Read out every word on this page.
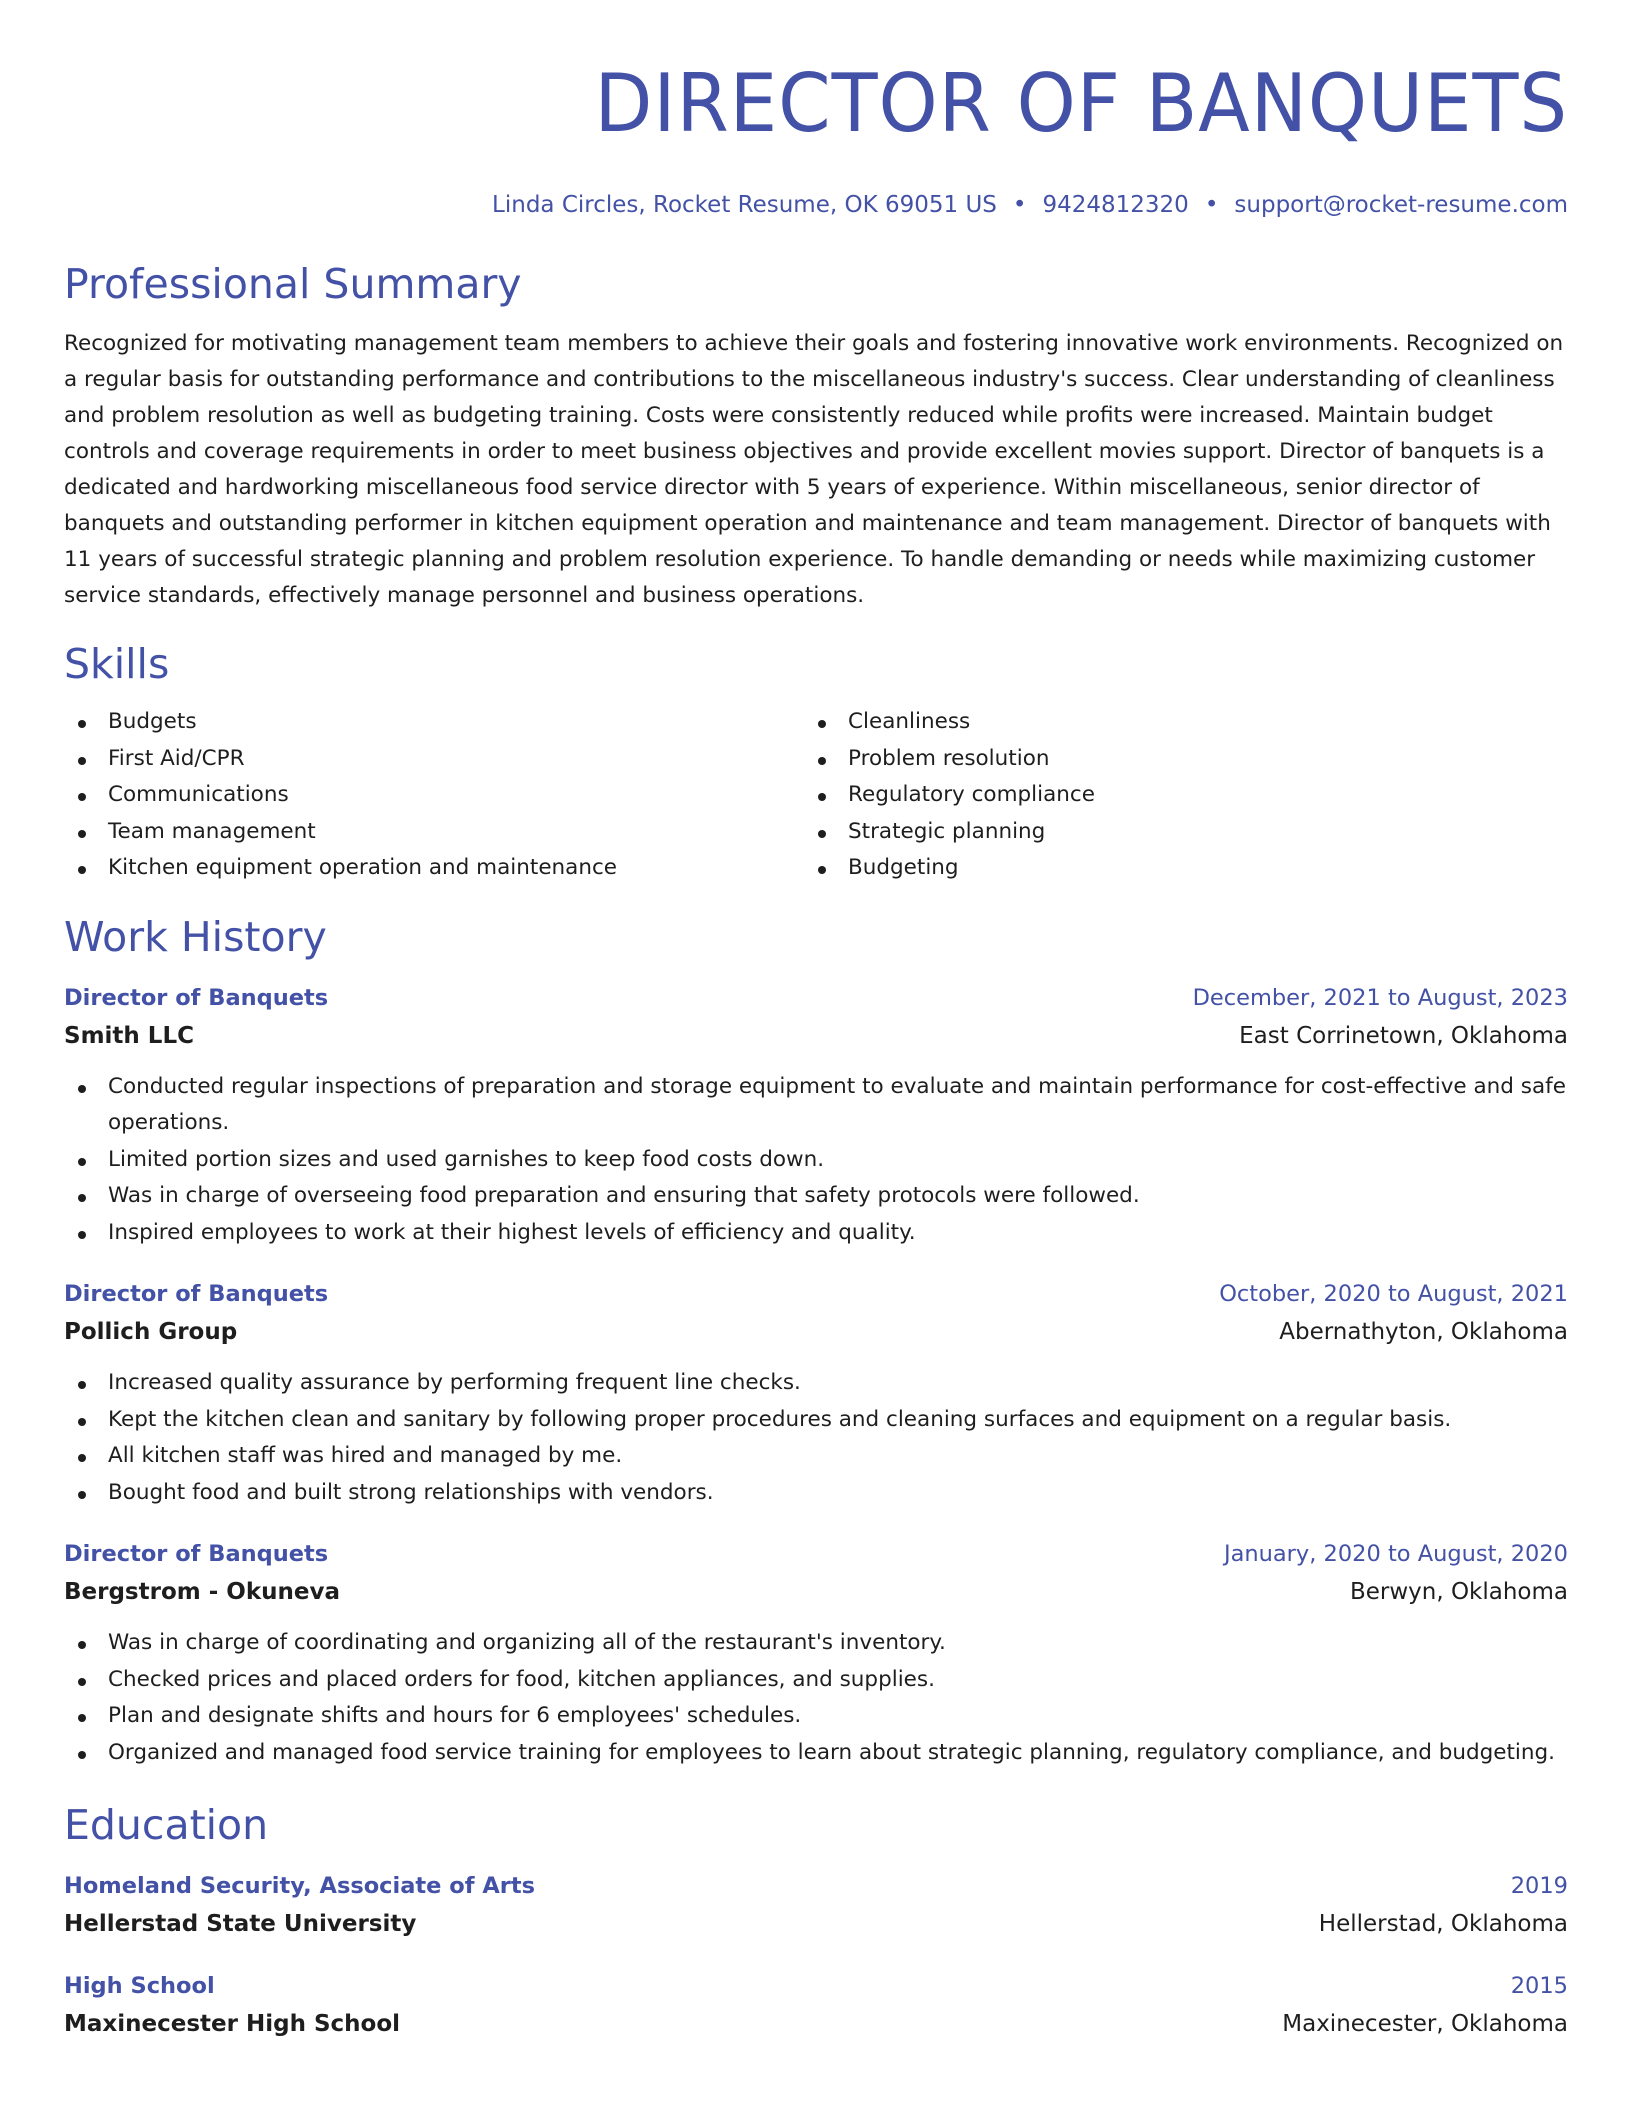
DIRECTOR OF BANQUETS
Linda Circles, Rocket Resume, OK 69051 US • 9424812320 • support@rocket-resume.com
Professional Summary
Recognized for motivating management team members to achieve their goals and fostering innovative work environments. Recognized on a regular basis for outstanding performance and contributions to the miscellaneous industry's success. Clear understanding of cleanliness and problem resolution as well as budgeting training. Costs were consistently reduced while profits were increased. Maintain budget controls and coverage requirements in order to meet business objectives and provide excellent movies support. Director of banquets is a dedicated and hardworking miscellaneous food service director with 5 years of experience. Within miscellaneous, senior director of banquets and outstanding performer in kitchen equipment operation and maintenance and team management. Director of banquets with 11 years of successful strategic planning and problem resolution experience. To handle demanding or needs while maximizing customer service standards, effectively manage personnel and business operations.
Skills
Budgets
First Aid/CPR
Communications
Team management
Kitchen equipment operation and maintenance
Cleanliness
Problem resolution
Regulatory compliance
Strategic planning
Budgeting
Work History
Director of Banquets	December, 2021 to August, 2023
Smith LLC	East Corrinetown, Oklahoma
Conducted regular inspections of preparation and storage equipment to evaluate and maintain performance for cost-effective and safe operations.
Limited portion sizes and used garnishes to keep food costs down.
Was in charge of overseeing food preparation and ensuring that safety protocols were followed.
Inspired employees to work at their highest levels of efficiency and quality.
Director of Banquets	October, 2020 to August, 2021
Pollich Group	Abernathyton, Oklahoma
Increased quality assurance by performing frequent line checks.
Kept the kitchen clean and sanitary by following proper procedures and cleaning surfaces and equipment on a regular basis.
All kitchen staff was hired and managed by me.
Bought food and built strong relationships with vendors.
Director of Banquets	January, 2020 to August, 2020
Bergstrom - Okuneva	Berwyn, Oklahoma
Was in charge of coordinating and organizing all of the restaurant's inventory.
Checked prices and placed orders for food, kitchen appliances, and supplies.
Plan and designate shifts and hours for 6 employees' schedules.
Organized and managed food service training for employees to learn about strategic planning, regulatory compliance, and budgeting.
Education
Homeland Security, Associate of Arts	2019
Hellerstad State University	Hellerstad, Oklahoma
High School	2015
Maxinecester High School	Maxinecester, Oklahoma
